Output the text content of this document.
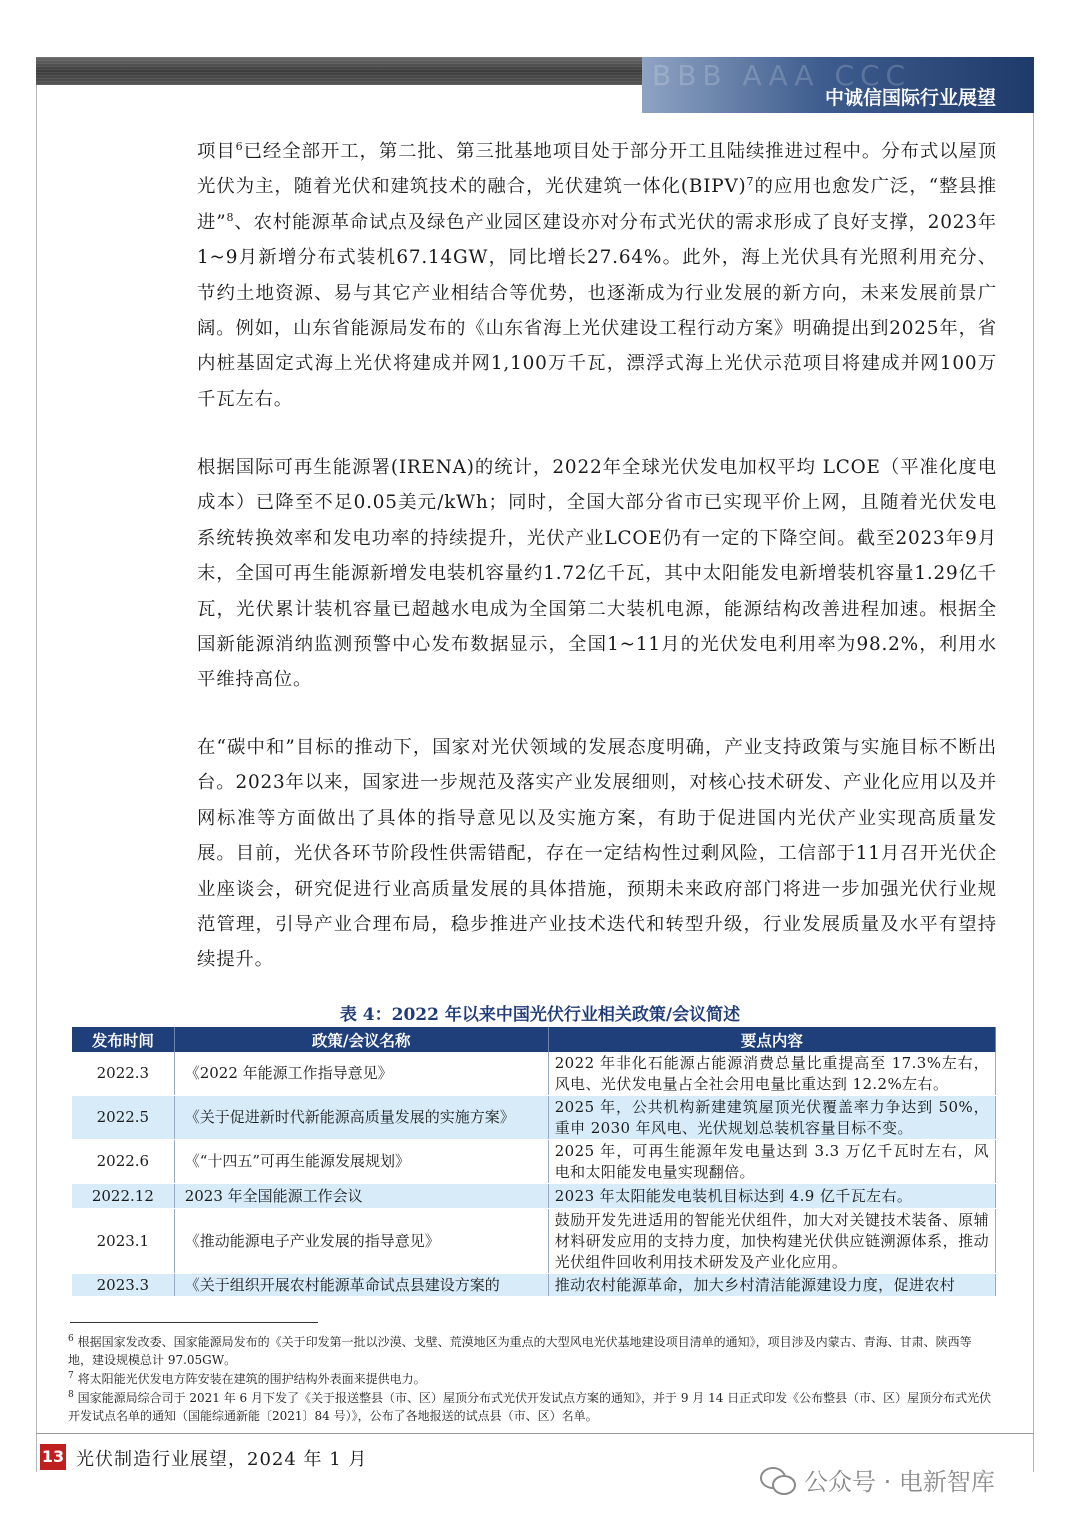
BBB AAA CCC
中诚信国际行业展望

项目$^6$已经全部开工，第二批、第三批基地项目处于部分开工且陆续推进过程中。分布式以屋顶光伏为主，随着光伏和建筑技术的融合，光伏建筑一体化(BIPV)$^7$的应用也愈发广泛，“整县推进”$^8$、农村能源革命试点及绿色产业园区建设亦对分布式光伏的需求形成了良好支撑，2023年1~9月新增分布式装机67.14GW，同比增长27.64%。此外，海上光伏具有光照利用充分、节约土地资源、易与其它产业相结合等优势，也逐渐成为行业发展的新方向，未来发展前景广阔。例如，山东省能源局发布的《山东省海上光伏建设工程行动方案》明确提出到2025年，省内桩基固定式海上光伏将建成并网1,100万千瓦，漂浮式海上光伏示范项目将建成并网100万千瓦左右。

根据国际可再生能源署(IRENA)的统计，2022年全球光伏发电加权平均 LCOE（平准化度电成本）已降至不足0.05美元/kWh；同时，全国大部分省市已实现平价上网，且随着光伏发电系统转换效率和发电功率的持续提升，光伏产业LCOE仍有一定的下降空间。截至2023年9月末，全国可再生能源新增发电装机容量约1.72亿千瓦，其中太阳能发电新增装机容量1.29亿千瓦，光伏累计装机容量已超越水电成为全国第二大装机电源，能源结构改善进程加速。根据全国新能源消纳监测预警中心发布数据显示，全国1~11月的光伏发电利用率为98.2%，利用水平维持高位。

在“碳中和”目标的推动下，国家对光伏领域的发展态度明确，产业支持政策与实施目标不断出台。2023年以来，国家进一步规范及落实产业发展细则，对核心技术研发、产业化应用以及并网标准等方面做出了具体的指导意见以及实施方案，有助于促进国内光伏产业实现高质量发展。目前，光伏各环节阶段性供需错配，存在一定结构性过剩风险，工信部于11月召开光伏企业座谈会，研究促进行业高质量发展的具体措施，预期未来政府部门将进一步加强光伏行业规范管理，引导产业合理布局，稳步推进产业技术迭代和转型升级，行业发展质量及水平有望持续提升。

表 4：2022 年以来中国光伏行业相关政策/会议简述
发布时间	政策/会议名称	要点内容
2022.3	《2022 年能源工作指导意见》	2022 年非化石能源占能源消费总量比重提高至 17.3%左右，风电、光伏发电量占全社会用电量比重达到 12.2%左右。
2022.5	《关于促进新时代新能源高质量发展的实施方案》	2025 年，公共机构新建建筑屋顶光伏覆盖率力争达到 50%，重申 2030 年风电、光伏规划总装机容量目标不变。
2022.6	《“十四五”可再生能源发展规划》	2025 年，可再生能源年发电量达到 3.3 万亿千瓦时左右，风电和太阳能发电量实现翻倍。
2022.12	2023 年全国能源工作会议	2023 年太阳能发电装机目标达到 4.9 亿千瓦左右。
2023.1	《推动能源电子产业发展的指导意见》	鼓励开发先进适用的智能光伏组件，加大对关键技术装备、原辅材料研发应用的支持力度，加快构建光伏供应链溯源体系，推动光伏组件回收利用技术研发及产业化应用。
2023.3	《关于组织开展农村能源革命试点县建设方案的	推动农村能源革命，加大乡村清洁能源建设力度，促进农村

$^6$ 根据国家发改委、国家能源局发布的《关于印发第一批以沙漠、戈壁、荒漠地区为重点的大型风电光伏基地建设项目清单的通知》，项目涉及内蒙古、青海、甘肃、陕西等地，建设规模总计 97.05GW。

$^7$ 将太阳能光伏发电方阵安装在建筑的围护结构外表面来提供电力。

$^8$ 国家能源局综合司于 2021 年 6 月下发了《关于报送整县（市、区）屋顶分布式光伏开发试点方案的通知》，并于 9 月 14 日正式印发《公布整县（市、区）屋顶分布式光伏开发试点名单的通知（国能综通新能〔2021〕84 号）》，公布了各地报送的试点县（市、区）名单。

13 光伏制造行业展望，2024 年 1 月
公众号 · 电新智库
